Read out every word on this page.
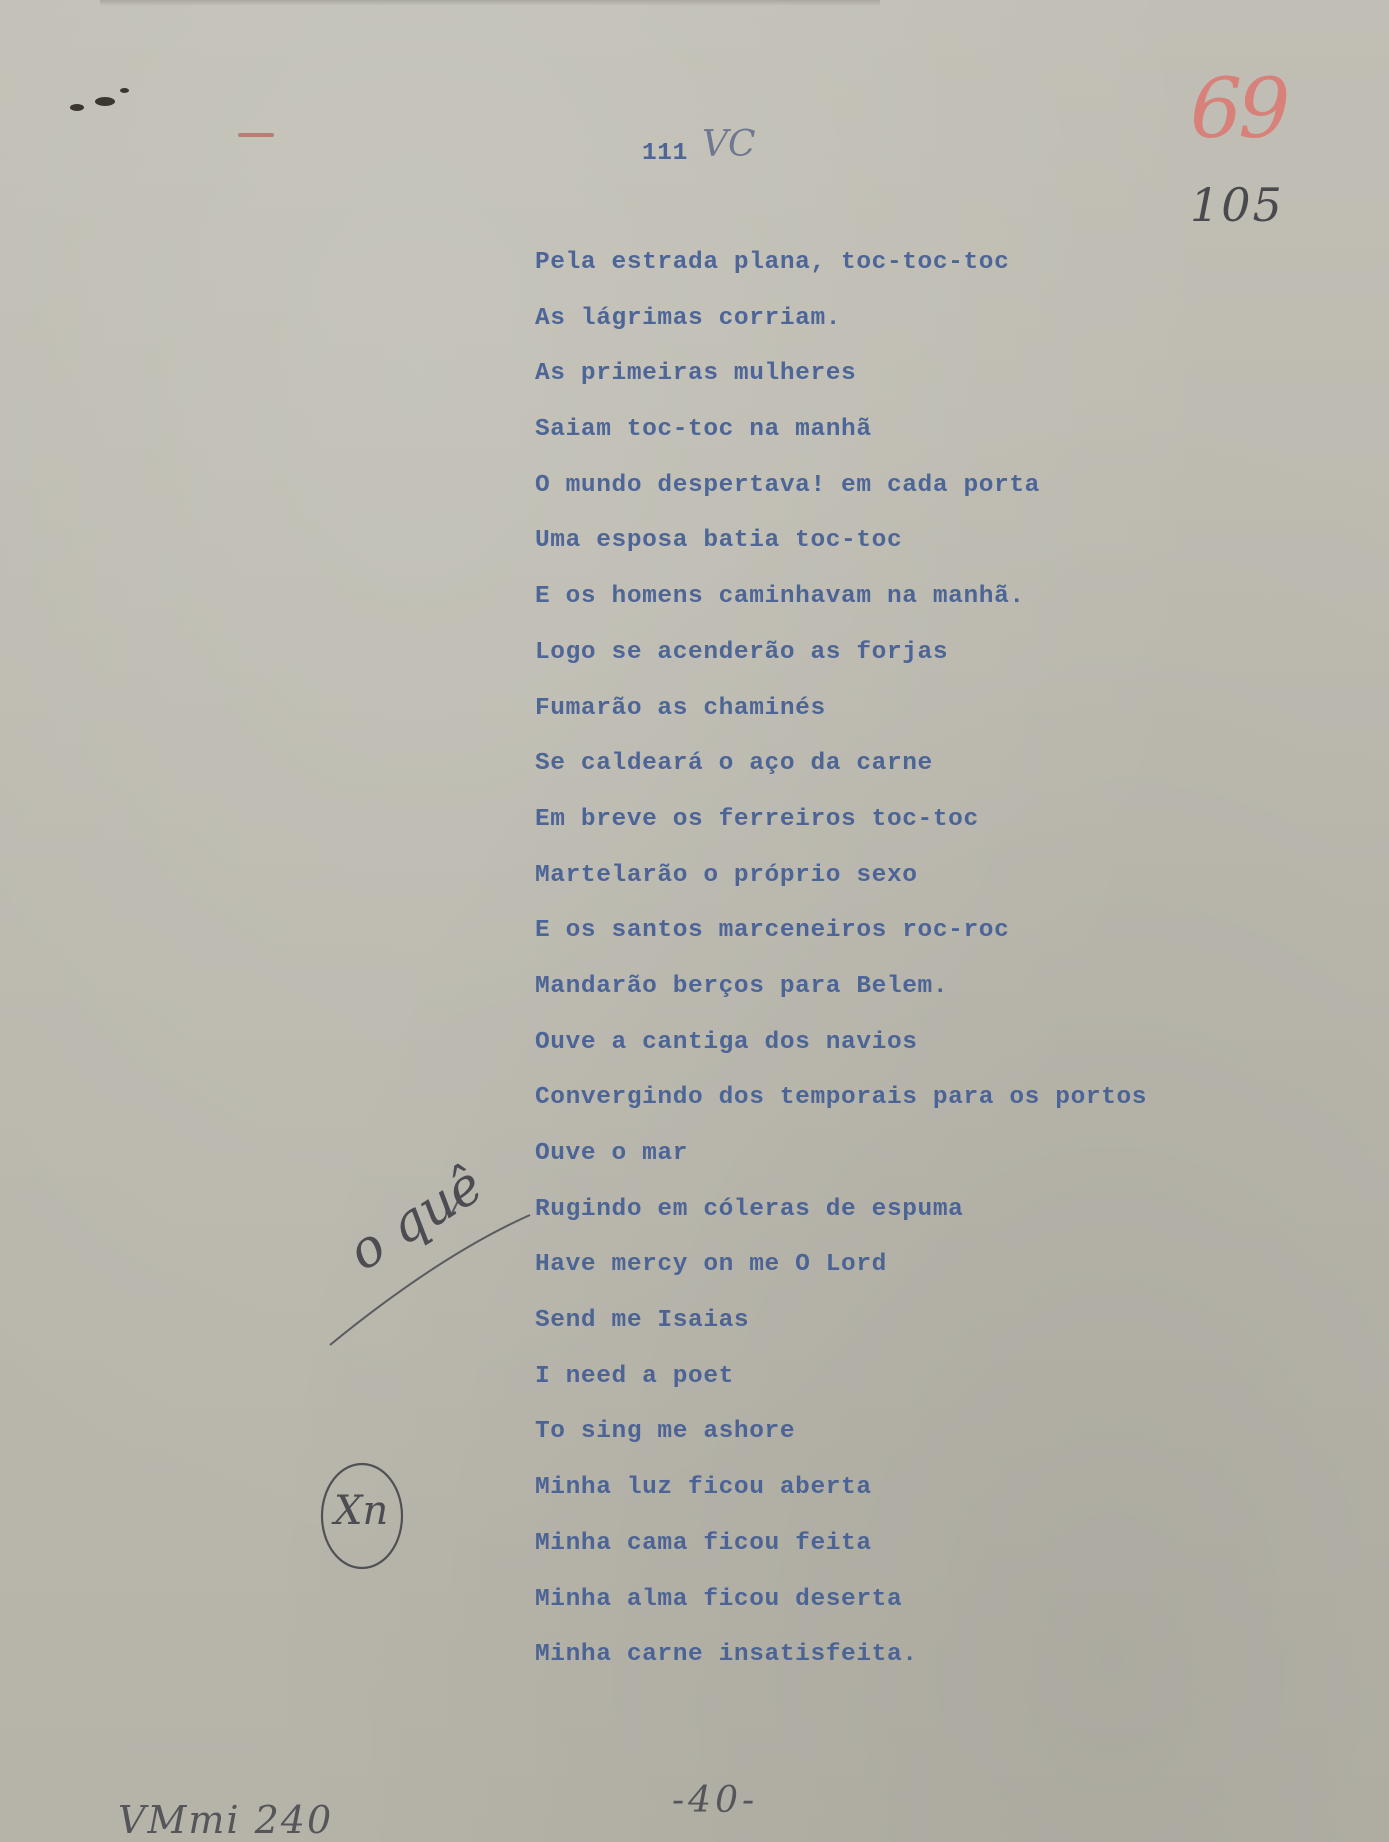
111 VC	69
105
Pela estrada plana, toc-toc-toc
As lágrimas corriam.
As primeiras mulheres
Saiam toc-toc na manhã
O mundo despertava! em cada porta
Uma esposa batia toc-toc
E os homens caminhavam na manhã.
Logo se acenderão as forjas
Fumarão as chaminés
Se caldeará o aço da carne
Em breve os ferreiros toc-toc
Martelarão o próprio sexo
E os santos marceneiros roc-roc
Mandarão berços para Belem.
Ouve a cantiga dos navios
Convergindo dos temporais para os portos
Ouve o mar
Rugindo em cóleras de espuma
Have mercy on me O Lord
Send me Isaias
I need a poet
To sing me ashore
Minha luz ficou aberta
Minha cama ficou feita
Minha alma ficou deserta
Minha carne insatisfeita.
o quê
Xn
-40-
VMmi 240
